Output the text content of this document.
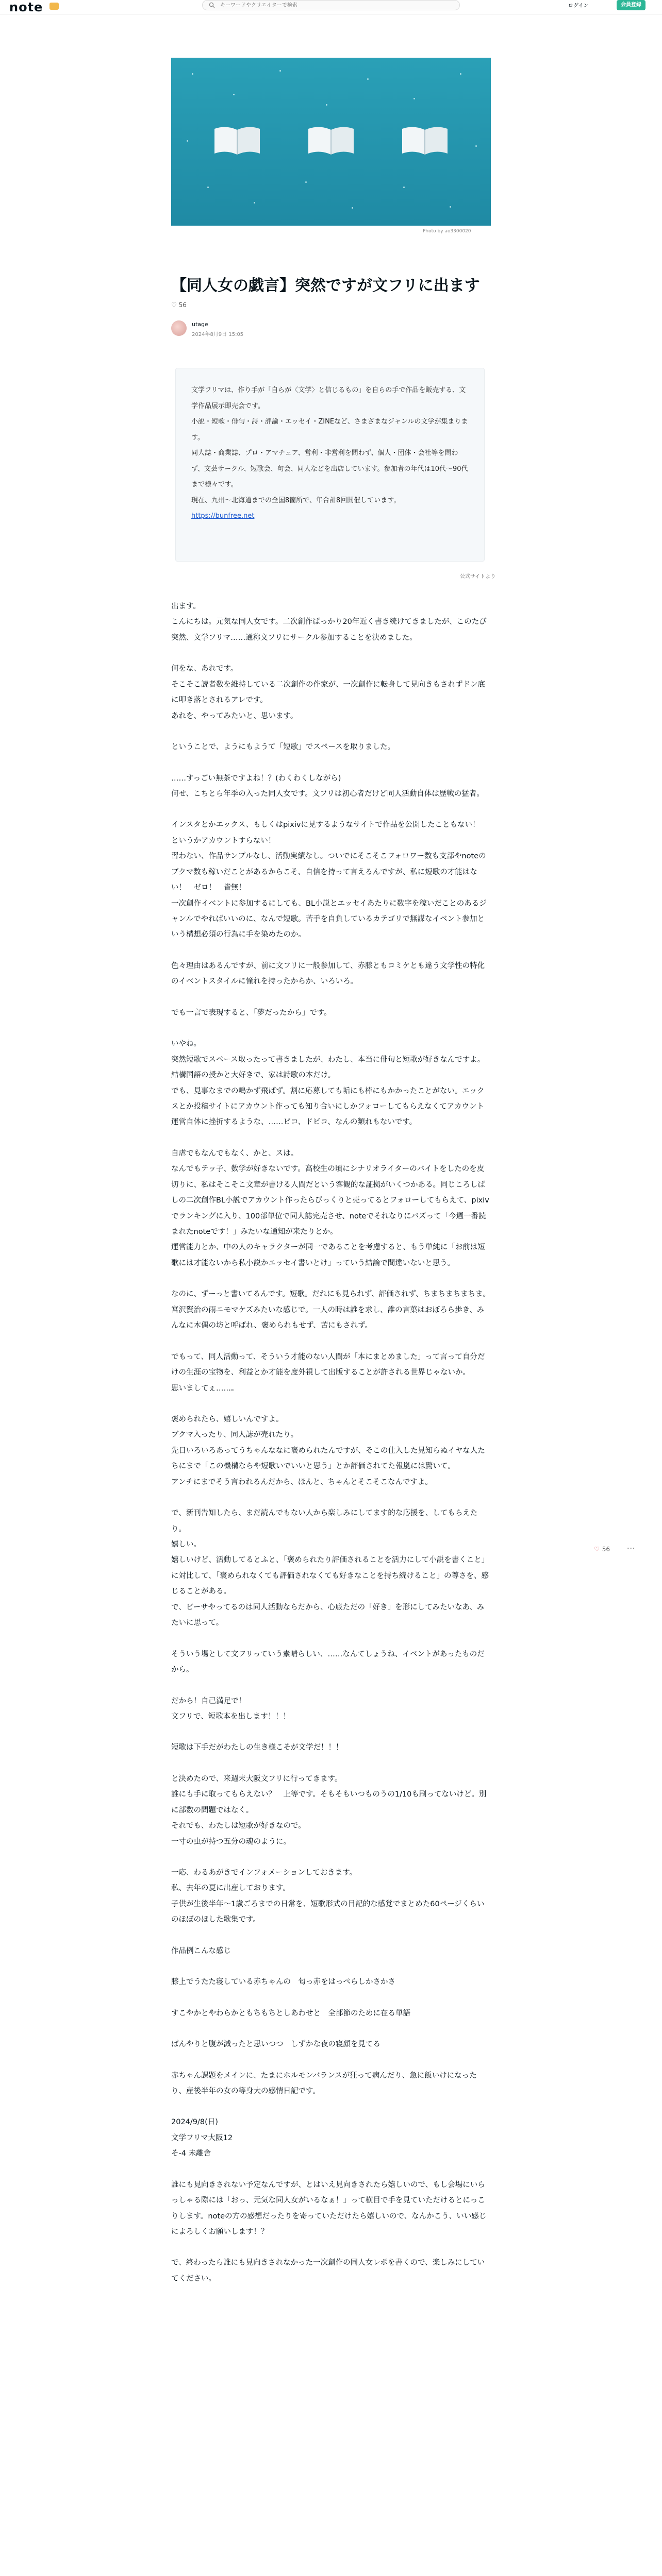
note
キーワードやクリエイターで検索	ログイン	会員登録
Photo by ao3300020
【同人女の戯言】突然ですが文フリに出ます
♡ 56
utage
2024年8月9日 15:05

文学フリマは、作り手が「自らが〈文学〉と信じるもの」を自らの手で作品を販売する、文学作品展示即売会です。

小説・短歌・俳句・詩・評論・エッセイ・ZINEなど、さまざまなジャンルの文学が集まります。

同人誌・商業誌、プロ・アマチュア、営利・非営利を問わず、個人・団体・会社等を問わず、文芸サークル、短歌会、句会、同人などを出店しています。参加者の年代は10代〜90代まで様々です。

現在、九州〜北海道までの全国8箇所で、年合計8回開催しています。

https://bunfree.net

公式サイトより

出ます。
こんにちは。元気な同人女です。二次創作ばっかり20年近く書き続けてきましたが、このたび突然、文学フリマ……通称文フリにサークル参加することを決めました。

何をな、あれです。
そこそこ読者数を維持している二次創作の作家が、一次創作に転身して見向きもされずドン底に叩き落とされるアレです。
あれを、やってみたいと、思います。

ということで、ようにもようて「短歌」でスペースを取りました。

……すっごい無茶ですよね！？(わくわくしながら)
何せ、こちとら年季の入った同人女です。文フリは初心者だけど同人活動自体は歴戦の猛者。

インスタとかエックス、もしくはpixivに見するようなサイトで作品を公開したこともない！　というかアカウントすらない！
習わない、作品サンプルなし、活動実績なし。ついでにそこそこフォロワー数も支部やnoteのブクマ数も稼いだことがあるからこそ、自信を持って言えるんですが、私に短歌の才能はない！　ゼロ！　皆無！
一次創作イベントに参加するにしても、BL小説とエッセイあたりに数字を稼いだことのあるジャンルでやればいいのに、なんで短歌。苦手を自負しているカテゴリで無謀なイベント参加という構想必須の行為に手を染めたのか。

色々理由はあるんですが、前に文フリに一般参加して、赤膝ともコミケとも違う文学性の特化のイベントスタイルに憧れを持ったからか、いろいろ。

でも一言で表現すると、「夢だったから」です。

いやね。
突然短歌でスペース取ったって書きましたが、わたし、本当に俳句と短歌が好きなんですよ。結構国語の授かと大好きで、家は詩歌の本だけ。
でも、見事なまでの鳴かず飛ばず。割に応募しても垢にも棒にもかかったことがない。エックスとか投稿サイトにアカウント作っても知り合いにしかフォローしてもらえなくてアカウント運営自体に挫折するような、……ビコ、ドビコ、なんの類れもないです。

自虐でもなんでもなく、かと、スは。
なんでもテッ子、数学が好きないです。高校生の頃にシナリオライターのバイトをしたのを皮切りに、私はそこそこ文章が書ける人間だという客観的な証拠がいくつかある。同じころしばしの二次創作BL小説でアカウント作ったらびっくりと売ってるとフォローしてもらえて、pixivでランキングに入り、100部単位で同人誌完売させ、noteでそれなりにバズって「今週一番読まれたnoteです！」みたいな通知が来たりとか。
運営能力とか、中の人のキャラクターが同一であることを考慮すると、もう単純に「お前は短歌には才能ないから私小説かエッセイ書いとけ」っていう結論で間違いないと思う。

なのに、ずーっと書いてるんです。短歌。だれにも見られず、評価されず、ちまちまちまちま。宮沢賢治の雨ニモマケズみたいな感じで。一人の時は誰を求し、誰の言葉はおぼろら歩き、みんなに木偶の坊と呼ばれ、褒められもせず、苦にもされず。

でもって、同人活動って、そういう才能のない人間が「本にまとめました」って言って自分だけの生涯の宝物を、利益とか才能を度外視して出版することが許される世界じゃないか。
思いましてぇ……。

褒められたら、嬉しいんですよ。
ブクマ入ったり、同人誌が売れたり。
先日いろいろあってうちゃんななに褒められたんですが、そこの仕入した見知らぬイヤな人たちにまで「この機構ならや短歌いでいいと思う」とか評価されてた報嵐には驚いて。
アンチにまでそう言われるんだから、ほんと、ちゃんとそこそこなんですよ。

で、新刊告知したら、まだ読んでもない人から楽しみにしてます的な応援を、してもらえたり。
嬉しい。
嬉しいけど、活動してるとふと、「褒められたり評価されることを活力にして小説を書くこと」に対比して、「褒められなくても評価されなくても好きなことを持ち続けること」の尊さを、感じることがある。
で、ビーサやってるのは同人活動ならだから、心底ただの「好き」を形にしてみたいなあ、みたいに思って。

そういう場として文フリっていう素晴らしい、……なんてしょうね、イベントがあったものだから。

だから！自己満足で！
文フリで、短歌本を出します！！！

短歌は下手だがわたしの生き様こそが文学だ！！！

と決めたので、来週末大阪文フリに行ってきます。
誰にも手に取ってもらえない？　上等です。そもそもいつものうの1/10も刷ってないけど。別に部数の問題ではなく。
それでも、わたしは短歌が好きなので。
一寸の虫が持つ五分の魂のように。

一応、わるあがきでインフォメーションしておきます。
私、去年の夏に出産しております。
子供が生後半年〜1歳ごろまでの日常を、短歌形式の目記的な感覚でまとめた60ページくらいのほぼのほした歌集です。

作品例こんな感じ

膝上でうたた寝している赤ちゃんの　匂っ赤をはっぺらしかさかさ

すこやかとやわらかともちもちとしあわせと　全部節のために在る単語

ぱんやりと腹が減ったと思いつつ　しずかな夜の寝顔を見てる

赤ちゃん課題をメインに、たまにホルモンバランスが狂って病んだり、急に飯いけになったり、産後半年の女の等身大の感情日記です。

2024/9/8(日)
文学フリマ大阪12
そ-4 未離舎

誰にも見向きされない予定なんですが、とはいえ見向きされたら嬉しいので、もし会場にいらっしゃる際には「おっ、元気な同人女がいるなぁ！」って横目で手を見ていただけるとにっこりします。noteの方の感想だったりを寄っていただけたら嬉しいので、なんかこう、いい感じによろしくお願いします！？

で、終わったら誰にも見向きされなかった一次創作の同人女レポを書くので、楽しみにしていてください。

♡ 56 ···
